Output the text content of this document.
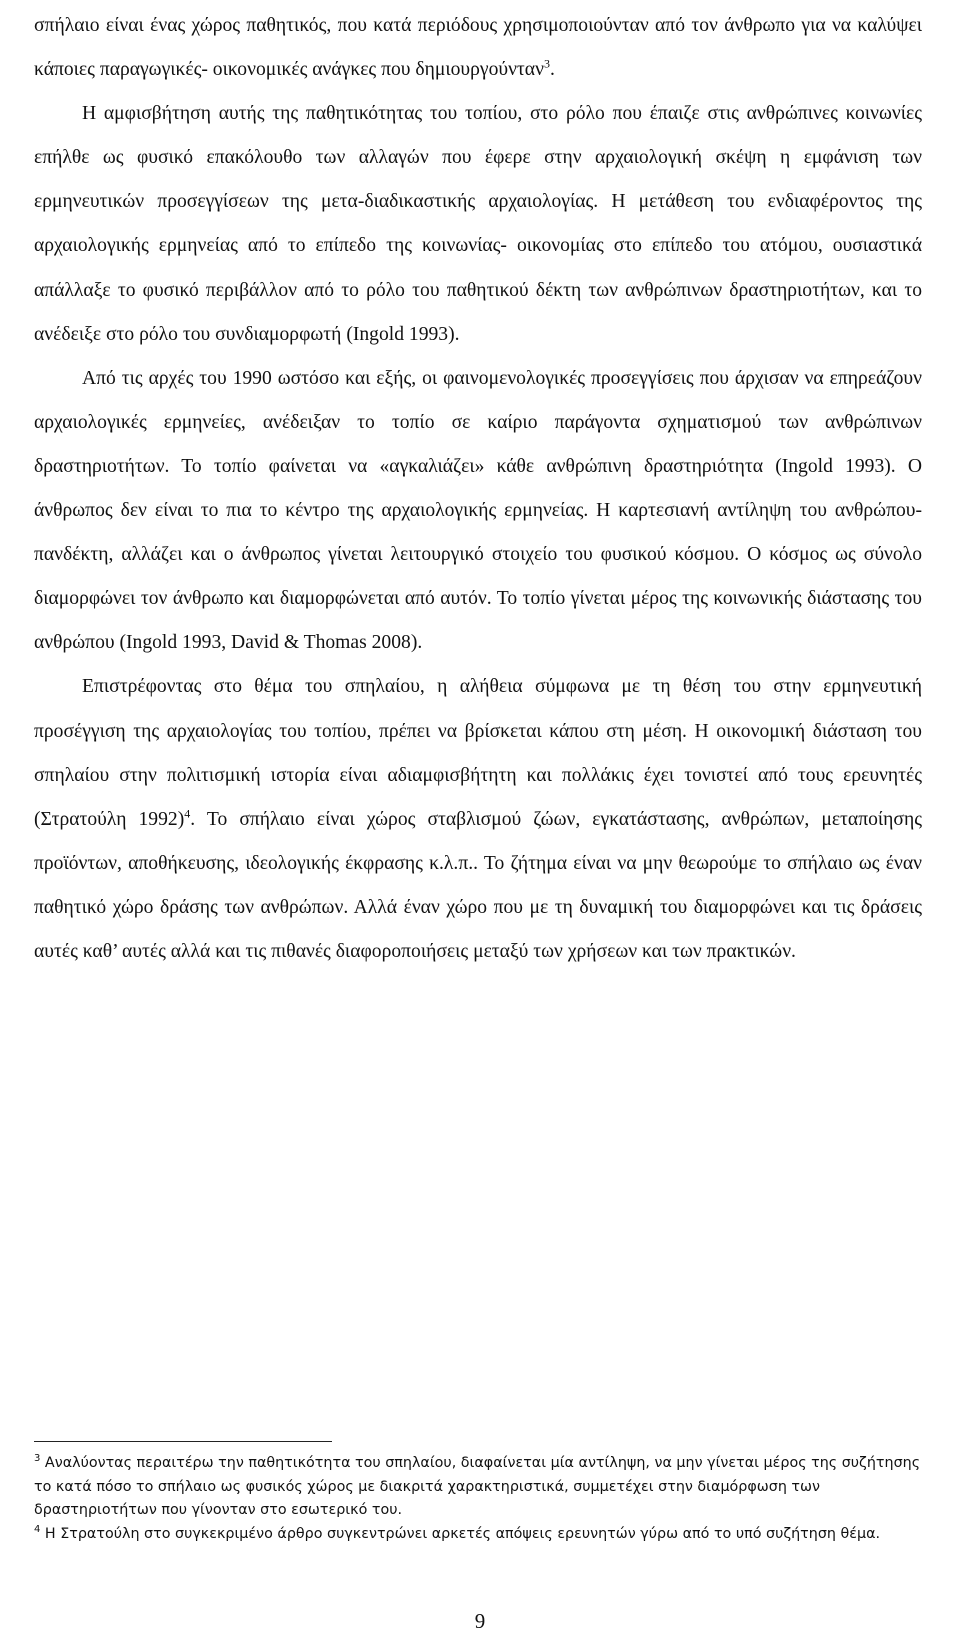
σπήλαιο είναι ένας χώρος παθητικός, που κατά περιόδους χρησιμοποιούνταν από τον άνθρωπο για να καλύψει κάποιες παραγωγικές- οικονομικές ανάγκες που δημιουργούνταν$^3$.

Η αμφισβήτηση αυτής της παθητικότητας του τοπίου, στο ρόλο που έπαιζε στις ανθρώπινες κοινωνίες επήλθε ως φυσικό επακόλουθο των αλλαγών που έφερε στην αρχαιολογική σκέψη η εμφάνιση των ερμηνευτικών προσεγγίσεων της μετα-διαδικαστικής αρχαιολογίας. Η μετάθεση του ενδιαφέροντος της αρχαιολογικής ερμηνείας από το επίπεδο της κοινωνίας- οικονομίας στο επίπεδο του ατόμου, ουσιαστικά απάλλαξε το φυσικό περιβάλλον από το ρόλο του παθητικού δέκτη των ανθρώπινων δραστηριοτήτων, και το ανέδειξε στο ρόλο του συνδιαμορφωτή (Ingold 1993).

Από τις αρχές του 1990 ωστόσο και εξής, οι φαινομενολογικές προσεγγίσεις που άρχισαν να επηρεάζουν αρχαιολογικές ερμηνείες, ανέδειξαν το τοπίο σε καίριο παράγοντα σχηματισμού των ανθρώπινων δραστηριοτήτων. Το τοπίο φαίνεται να «αγκαλιάζει» κάθε ανθρώπινη δραστηριότητα (Ingold 1993). Ο άνθρωπος δεν είναι το πια το κέντρο της αρχαιολογικής ερμηνείας. Η καρτεσιανή αντίληψη του ανθρώπου- πανδέκτη, αλλάζει και ο άνθρωπος γίνεται λειτουργικό στοιχείο του φυσικού κόσμου. Ο κόσμος ως σύνολο διαμορφώνει τον άνθρωπο και διαμορφώνεται από αυτόν. Το τοπίο γίνεται μέρος της κοινωνικής διάστασης του ανθρώπου (Ingold 1993, David & Thomas 2008).

Επιστρέφοντας στο θέμα του σπηλαίου, η αλήθεια σύμφωνα με τη θέση του στην ερμηνευτική προσέγγιση της αρχαιολογίας του τοπίου, πρέπει να βρίσκεται κάπου στη μέση. Η οικονομική διάσταση του σπηλαίου στην πολιτισμική ιστορία είναι αδιαμφισβήτητη και πολλάκις έχει τονιστεί από τους ερευνητές (Στρατούλη 1992)$^4$. Το σπήλαιο είναι χώρος σταβλισμού ζώων, εγκατάστασης, ανθρώπων, μεταποίησης προϊόντων, αποθήκευσης, ιδεολογικής έκφρασης κ.λ.π.. Το ζήτημα είναι να μην θεωρούμε το σπήλαιο ως έναν παθητικό χώρο δράσης των ανθρώπων. Αλλά έναν χώρο που με τη δυναμική του διαμορφώνει και τις δράσεις αυτές καθ’ αυτές αλλά και τις πιθανές διαφοροποιήσεις μεταξύ των χρήσεων και των πρακτικών.

$^3$ Αναλύοντας περαιτέρω την παθητικότητα του σπηλαίου, διαφαίνεται μία αντίληψη, να μην γίνεται μέρος της συζήτησης το κατά πόσο το σπήλαιο ως φυσικός χώρος με διακριτά χαρακτηριστικά, συμμετέχει στην διαμόρφωση των δραστηριοτήτων που γίνονταν στο εσωτερικό του.

$^4$ Η Στρατούλη στο συγκεκριμένο άρθρο συγκεντρώνει αρκετές απόψεις ερευνητών γύρω από το υπό συζήτηση θέμα.

9
